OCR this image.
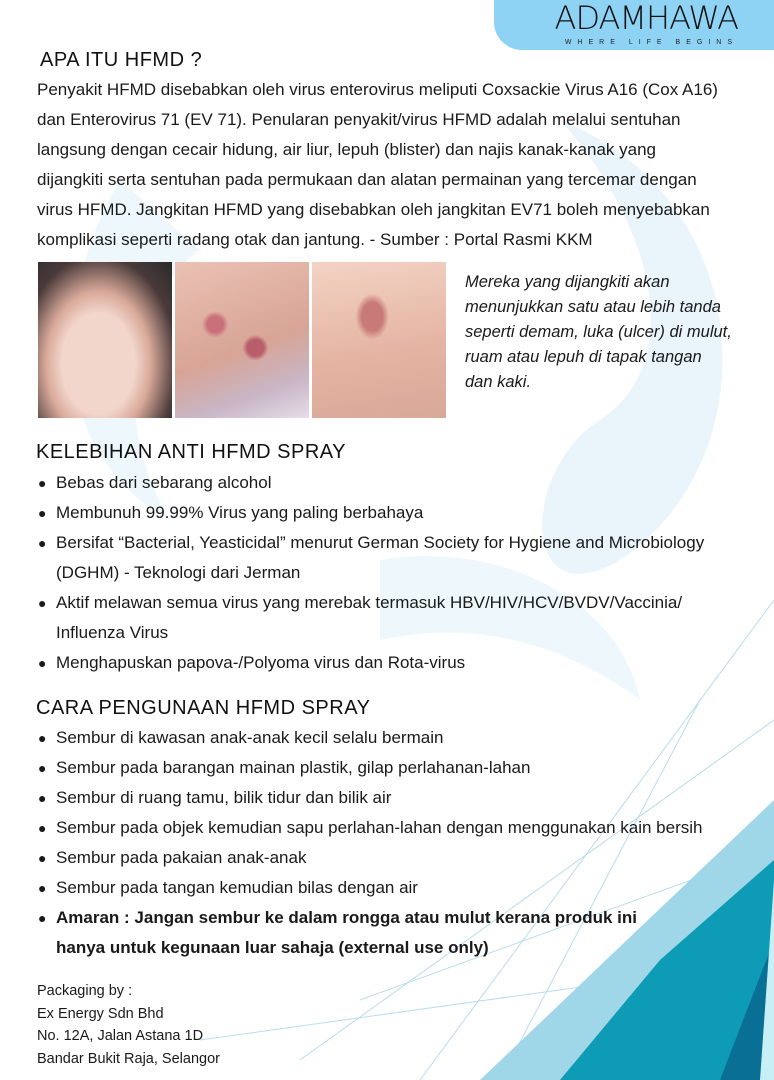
ADAMHAWA
WHERE LIFE BEGINS
APA ITU HFMD ?
Penyakit HFMD disebabkan oleh virus enterovirus meliputi Coxsackie Virus A16 (Cox A16)
dan Enterovirus 71 (EV 71). Penularan penyakit/virus HFMD adalah melalui sentuhan
langsung dengan cecair hidung, air liur, lepuh (blister) dan najis kanak-kanak yang
dijangkiti serta sentuhan pada permukaan dan alatan permainan yang tercemar dengan
virus HFMD. Jangkitan HFMD yang disebabkan oleh jangkitan EV71 boleh menyebabkan
komplikasi seperti radang otak dan jantung. - Sumber : Portal Rasmi KKM
Mereka yang dijangkiti akan
menunjukkan satu atau lebih tanda
seperti demam, luka (ulcer) di mulut,
ruam atau lepuh di tapak tangan
dan kaki.
KELEBIHAN ANTI HFMD SPRAY
● Bebas dari sebarang alcohol
● Membunuh 99.99% Virus yang paling berbahaya
● Bersifat “Bacterial, Yeasticidal” menurut German Society for Hygiene and Microbiology
(DGHM) - Teknologi dari Jerman
● Aktif melawan semua virus yang merebak termasuk HBV/HIV/HCV/BVDV/Vaccinia/
Influenza Virus
● Menghapuskan papova-/Polyoma virus dan Rota-virus
CARA PENGUNAAN HFMD SPRAY
● Sembur di kawasan anak-anak kecil selalu bermain
● Sembur pada barangan mainan plastik, gilap perlahanan-lahan
● Sembur di ruang tamu, bilik tidur dan bilik air
● Sembur pada objek kemudian sapu perlahan-lahan dengan menggunakan kain bersih
● Sembur pada pakaian anak-anak
● Sembur pada tangan kemudian bilas dengan air
● Amaran : Jangan sembur ke dalam rongga atau mulut kerana produk ini
hanya untuk kegunaan luar sahaja (external use only)
Packaging by :
Ex Energy Sdn Bhd
No. 12A, Jalan Astana 1D
Bandar Bukit Raja, Selangor
